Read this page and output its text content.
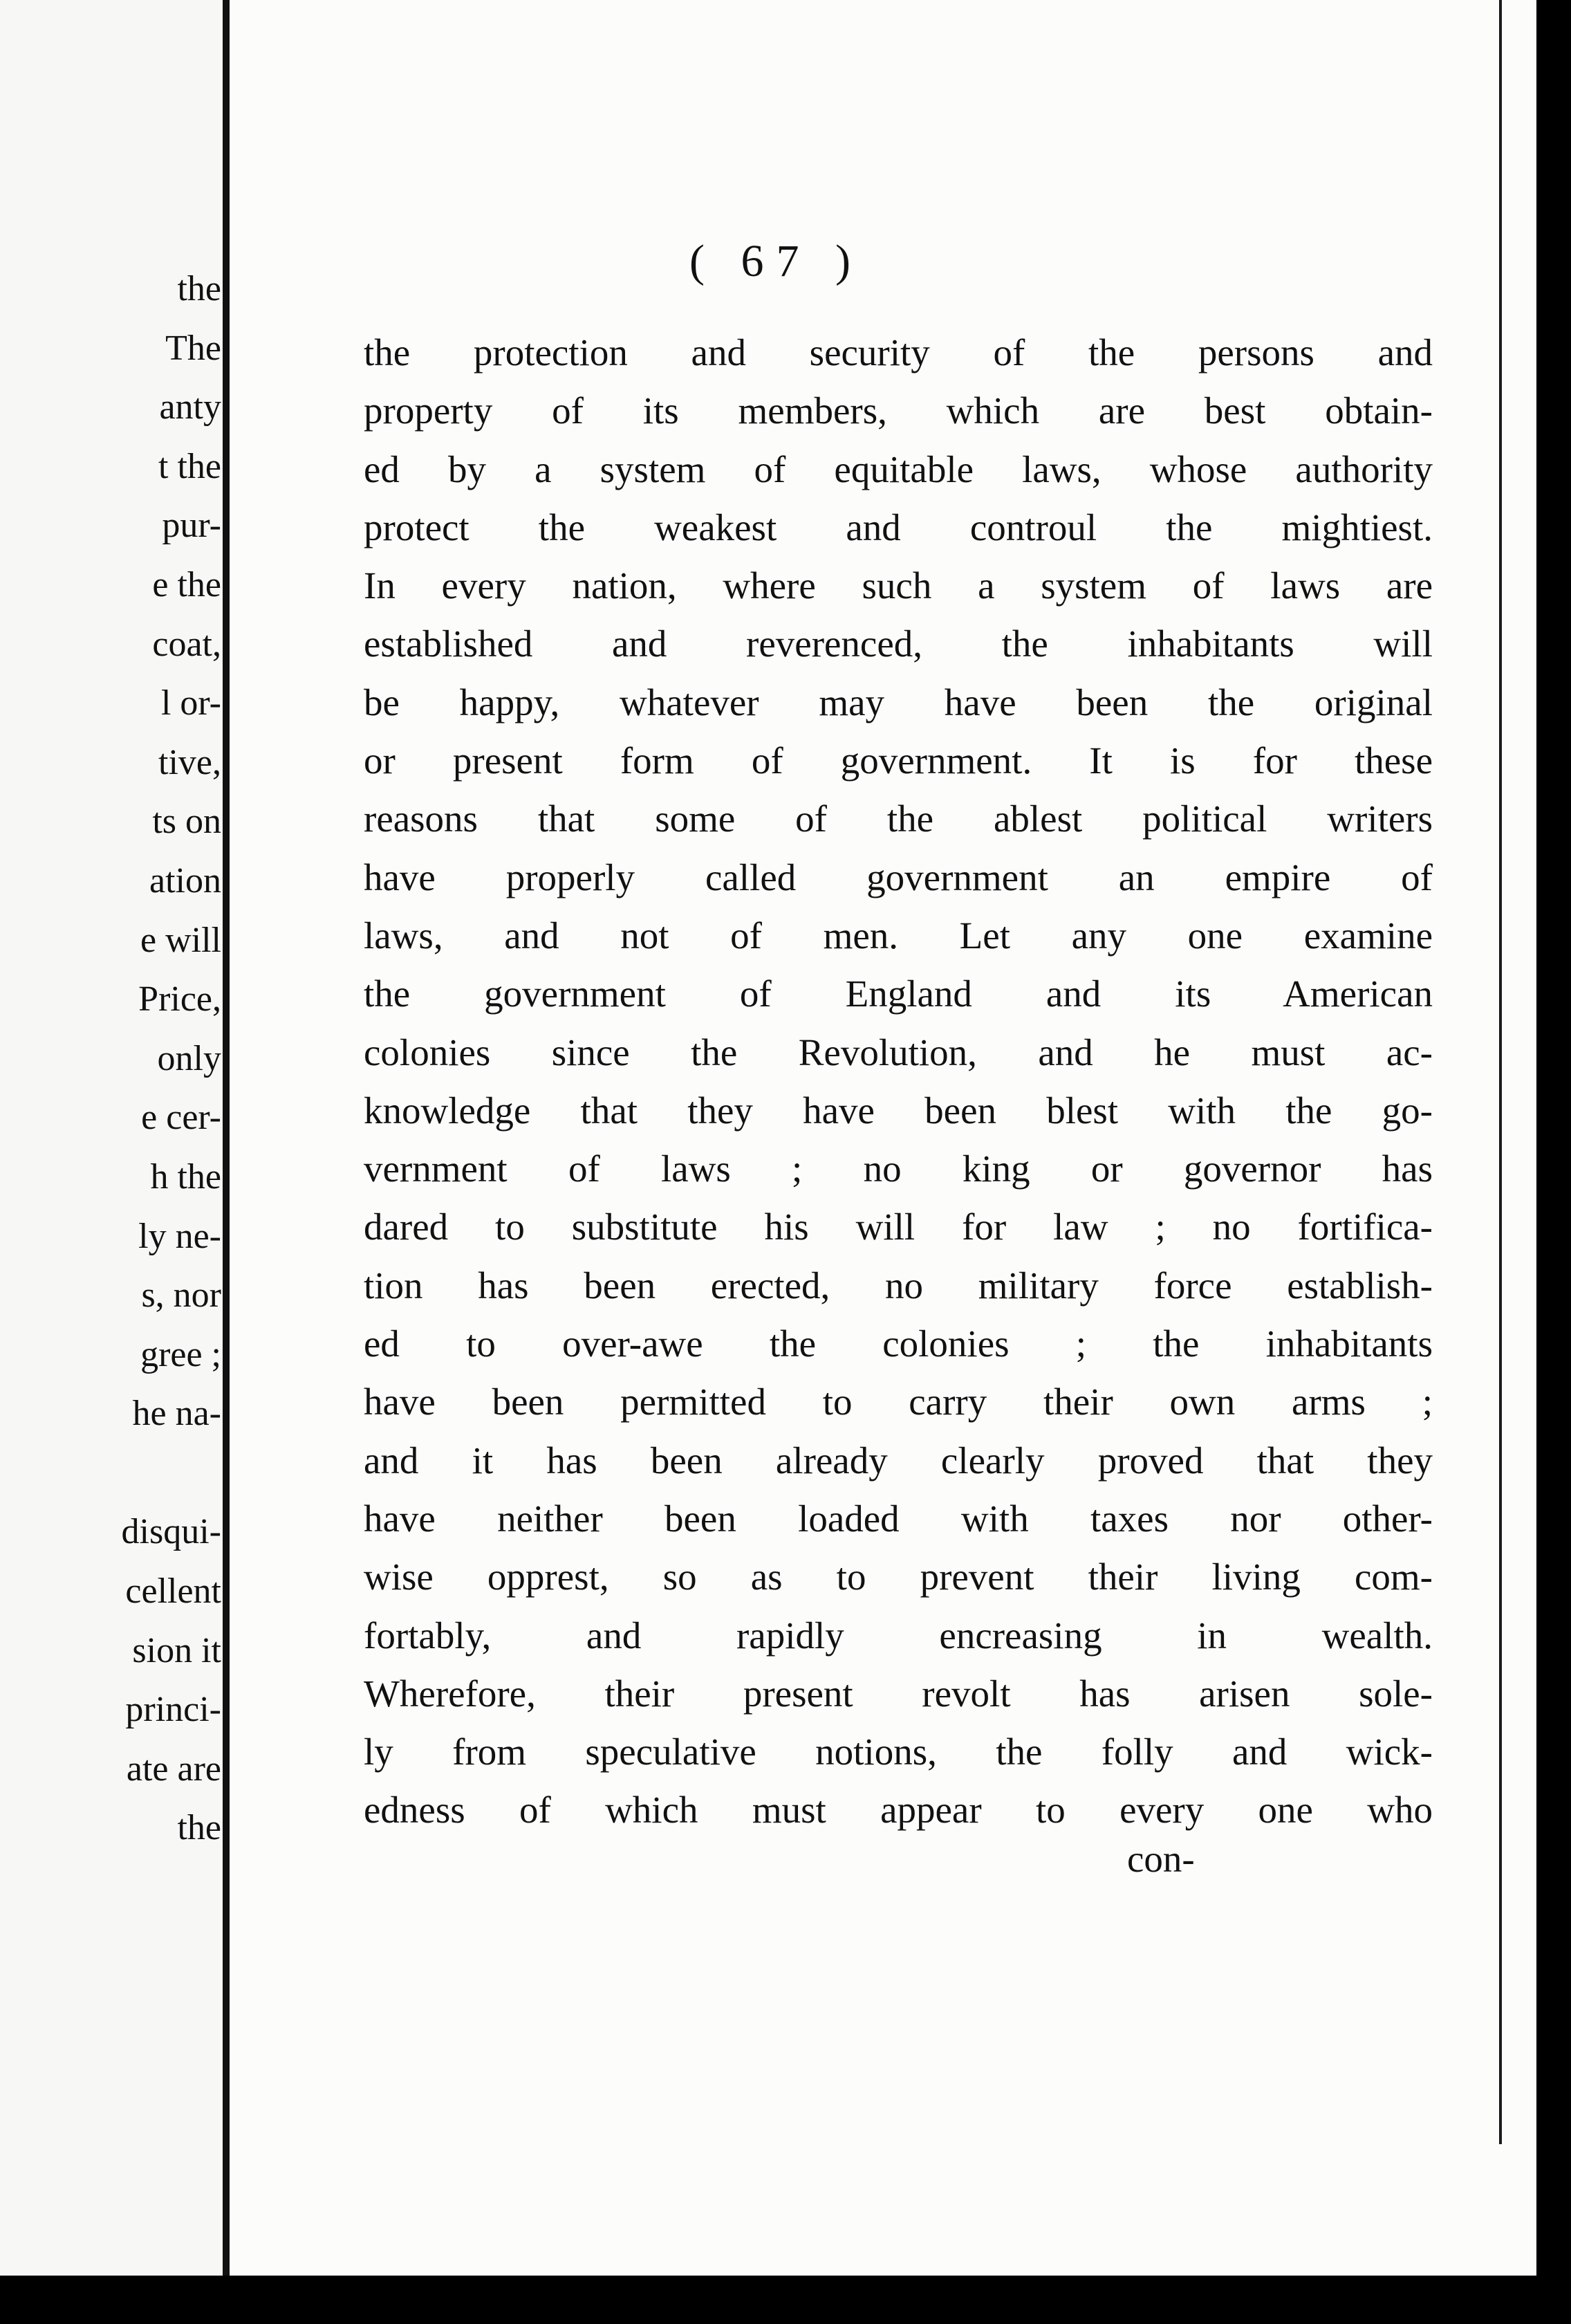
the
The
anty
t the
pur-
e the
coat,
l or-
tive,
ts on
ation
e will
Price,
only
e cer-
h the
ly ne-
s, nor
gree ;
he na-
disqui-
cellent
sion it
princi-
ate are
the
( 67 )
the protection and security of the persons and
property of its members, which are best obtain-
ed by a system of equitable laws, whose authority
protect the weakest and controul the mightiest.
In every nation, where such a system of laws are
established and reverenced, the inhabitants will
be happy, whatever may have been the original
or present form of government. It is for these
reasons that some of the ablest political writers
have properly called government an empire of
laws, and not of men. Let any one examine
the government of England and its American
colonies since the Revolution, and he must ac-
knowledge that they have been blest with the go-
vernment of laws ; no king or governor has
dared to substitute his will for law ; no fortifica-
tion has been erected, no military force establish-
ed to over-awe the colonies ; the inhabitants
have been permitted to carry their own arms ;
and it has been already clearly proved that they
have neither been loaded with taxes nor other-
wise opprest, so as to prevent their living com-
fortably, and rapidly encreasing in wealth.
Wherefore, their present revolt has arisen sole-
ly from speculative notions, the folly and wick-
edness of which must appear to every one who
con-
